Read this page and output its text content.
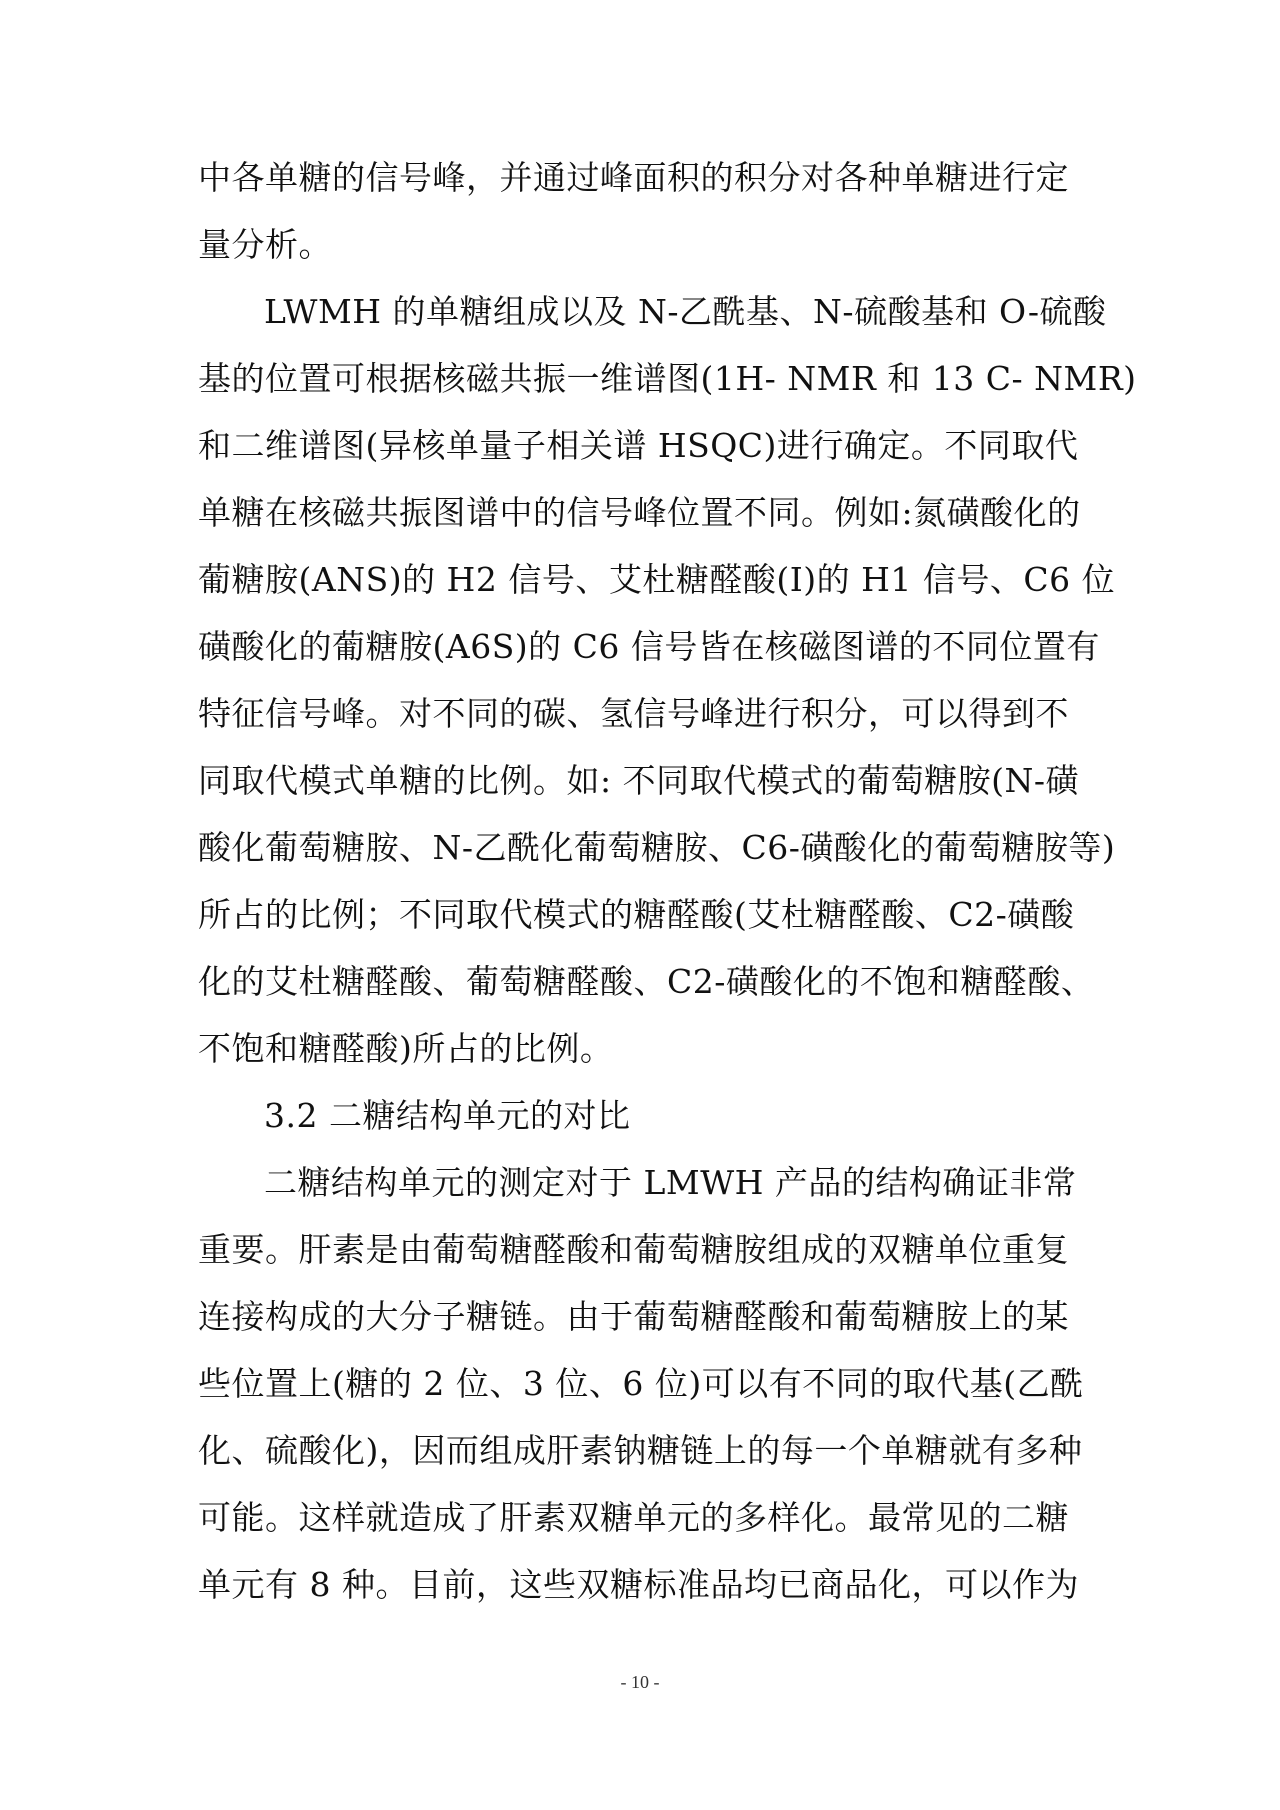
中各单糖的信号峰，并通过峰面积的积分对各种单糖进行定
量分析。
LWMH 的单糖组成以及 N-乙酰基、N-硫酸基和 O-硫酸
基的位置可根据核磁共振一维谱图(1H- NMR 和 13 C- NMR)
和二维谱图(异核单量子相关谱 HSQC)进行确定。不同取代
单糖在核磁共振图谱中的信号峰位置不同。例如:氮磺酸化的
葡糖胺(ANS)的 H2 信号、艾杜糖醛酸(I)的 H1 信号、C6 位
磺酸化的葡糖胺(A6S)的 C6 信号皆在核磁图谱的不同位置有
特征信号峰。对不同的碳、氢信号峰进行积分，可以得到不
同取代模式单糖的比例。如: 不同取代模式的葡萄糖胺(N-磺
酸化葡萄糖胺、N-乙酰化葡萄糖胺、C6-磺酸化的葡萄糖胺等)
所占的比例；不同取代模式的糖醛酸(艾杜糖醛酸、C2-磺酸
化的艾杜糖醛酸、葡萄糖醛酸、C2-磺酸化的不饱和糖醛酸、
不饱和糖醛酸)所占的比例。
3.2 二糖结构单元的对比
二糖结构单元的测定对于 LMWH 产品的结构确证非常
重要。肝素是由葡萄糖醛酸和葡萄糖胺组成的双糖单位重复
连接构成的大分子糖链。由于葡萄糖醛酸和葡萄糖胺上的某
些位置上(糖的 2 位、3 位、6 位)可以有不同的取代基(乙酰
化、硫酸化)，因而组成肝素钠糖链上的每一个单糖就有多种
可能。这样就造成了肝素双糖单元的多样化。最常见的二糖
单元有 8 种。目前，这些双糖标准品均已商品化，可以作为
- 10 -
